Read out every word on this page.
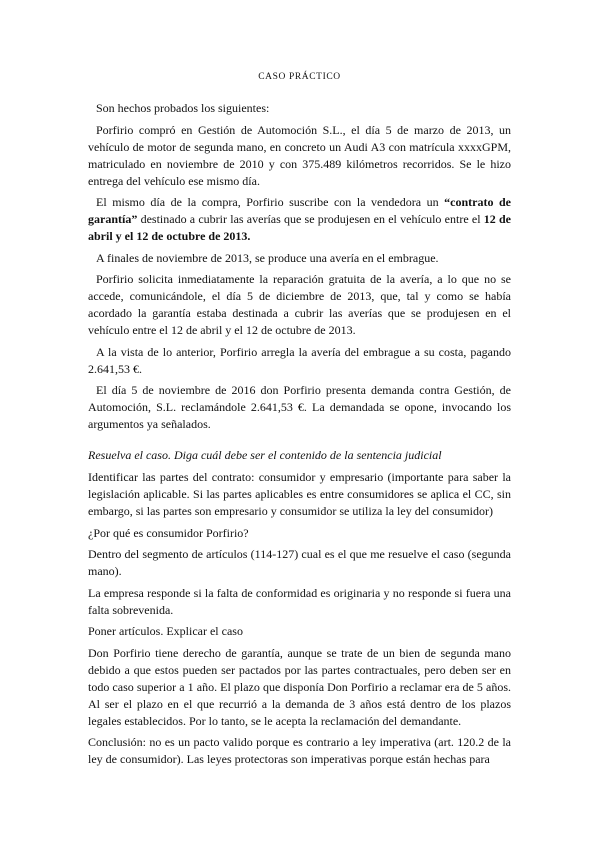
CASO PRÁCTICO

Son hechos probados los siguientes:

Porfirio compró en Gestión de Automoción S.L., el día 5 de marzo de 2013, un vehículo de motor de segunda mano, en concreto un Audi A3 con matrícula xxxxGPM, matriculado en noviembre de 2010 y con 375.489 kilómetros recorridos. Se le hizo entrega del vehículo ese mismo día.

El mismo día de la compra, Porfirio suscribe con la vendedora un “contrato de garantía” destinado a cubrir las averías que se produjesen en el vehículo entre el 12 de abril y el 12 de octubre de 2013.

A finales de noviembre de 2013, se produce una avería en el embrague.

Porfirio solicita inmediatamente la reparación gratuita de la avería, a lo que no se accede, comunicándole, el día 5 de diciembre de 2013, que, tal y como se había acordado la garantía estaba destinada a cubrir las averías que se produjesen en el vehículo entre el 12 de abril y el 12 de octubre de 2013.

A la vista de lo anterior, Porfirio arregla la avería del embrague a su costa, pagando 2.641,53 €.

El día 5 de noviembre de 2016 don Porfirio presenta demanda contra Gestión, de Automoción, S.L. reclamándole 2.641,53 €. La demandada se opone, invocando los argumentos ya señalados.

Resuelva el caso. Diga cuál debe ser el contenido de la sentencia judicial

Identificar las partes del contrato: consumidor y empresario (importante para saber la legislación aplicable. Si las partes aplicables es entre consumidores se aplica el CC, sin embargo, si las partes son empresario y consumidor se utiliza la ley del consumidor)

¿Por qué es consumidor Porfirio?

Dentro del segmento de artículos (114-127) cual es el que me resuelve el caso (segunda mano).

La empresa responde si la falta de conformidad es originaria y no responde si fuera una falta sobrevenida.

Poner artículos. Explicar el caso

Don Porfirio tiene derecho de garantía, aunque se trate de un bien de segunda mano debido a que estos pueden ser pactados por las partes contractuales, pero deben ser en todo caso superior a 1 año. El plazo que disponía Don Porfirio a reclamar era de 5 años. Al ser el plazo en el que recurrió a la demanda de 3 años está dentro de los plazos legales establecidos. Por lo tanto, se le acepta la reclamación del demandante.

Conclusión: no es un pacto valido porque es contrario a ley imperativa (art. 120.2 de la ley de consumidor). Las leyes protectoras son imperativas porque están hechas para
